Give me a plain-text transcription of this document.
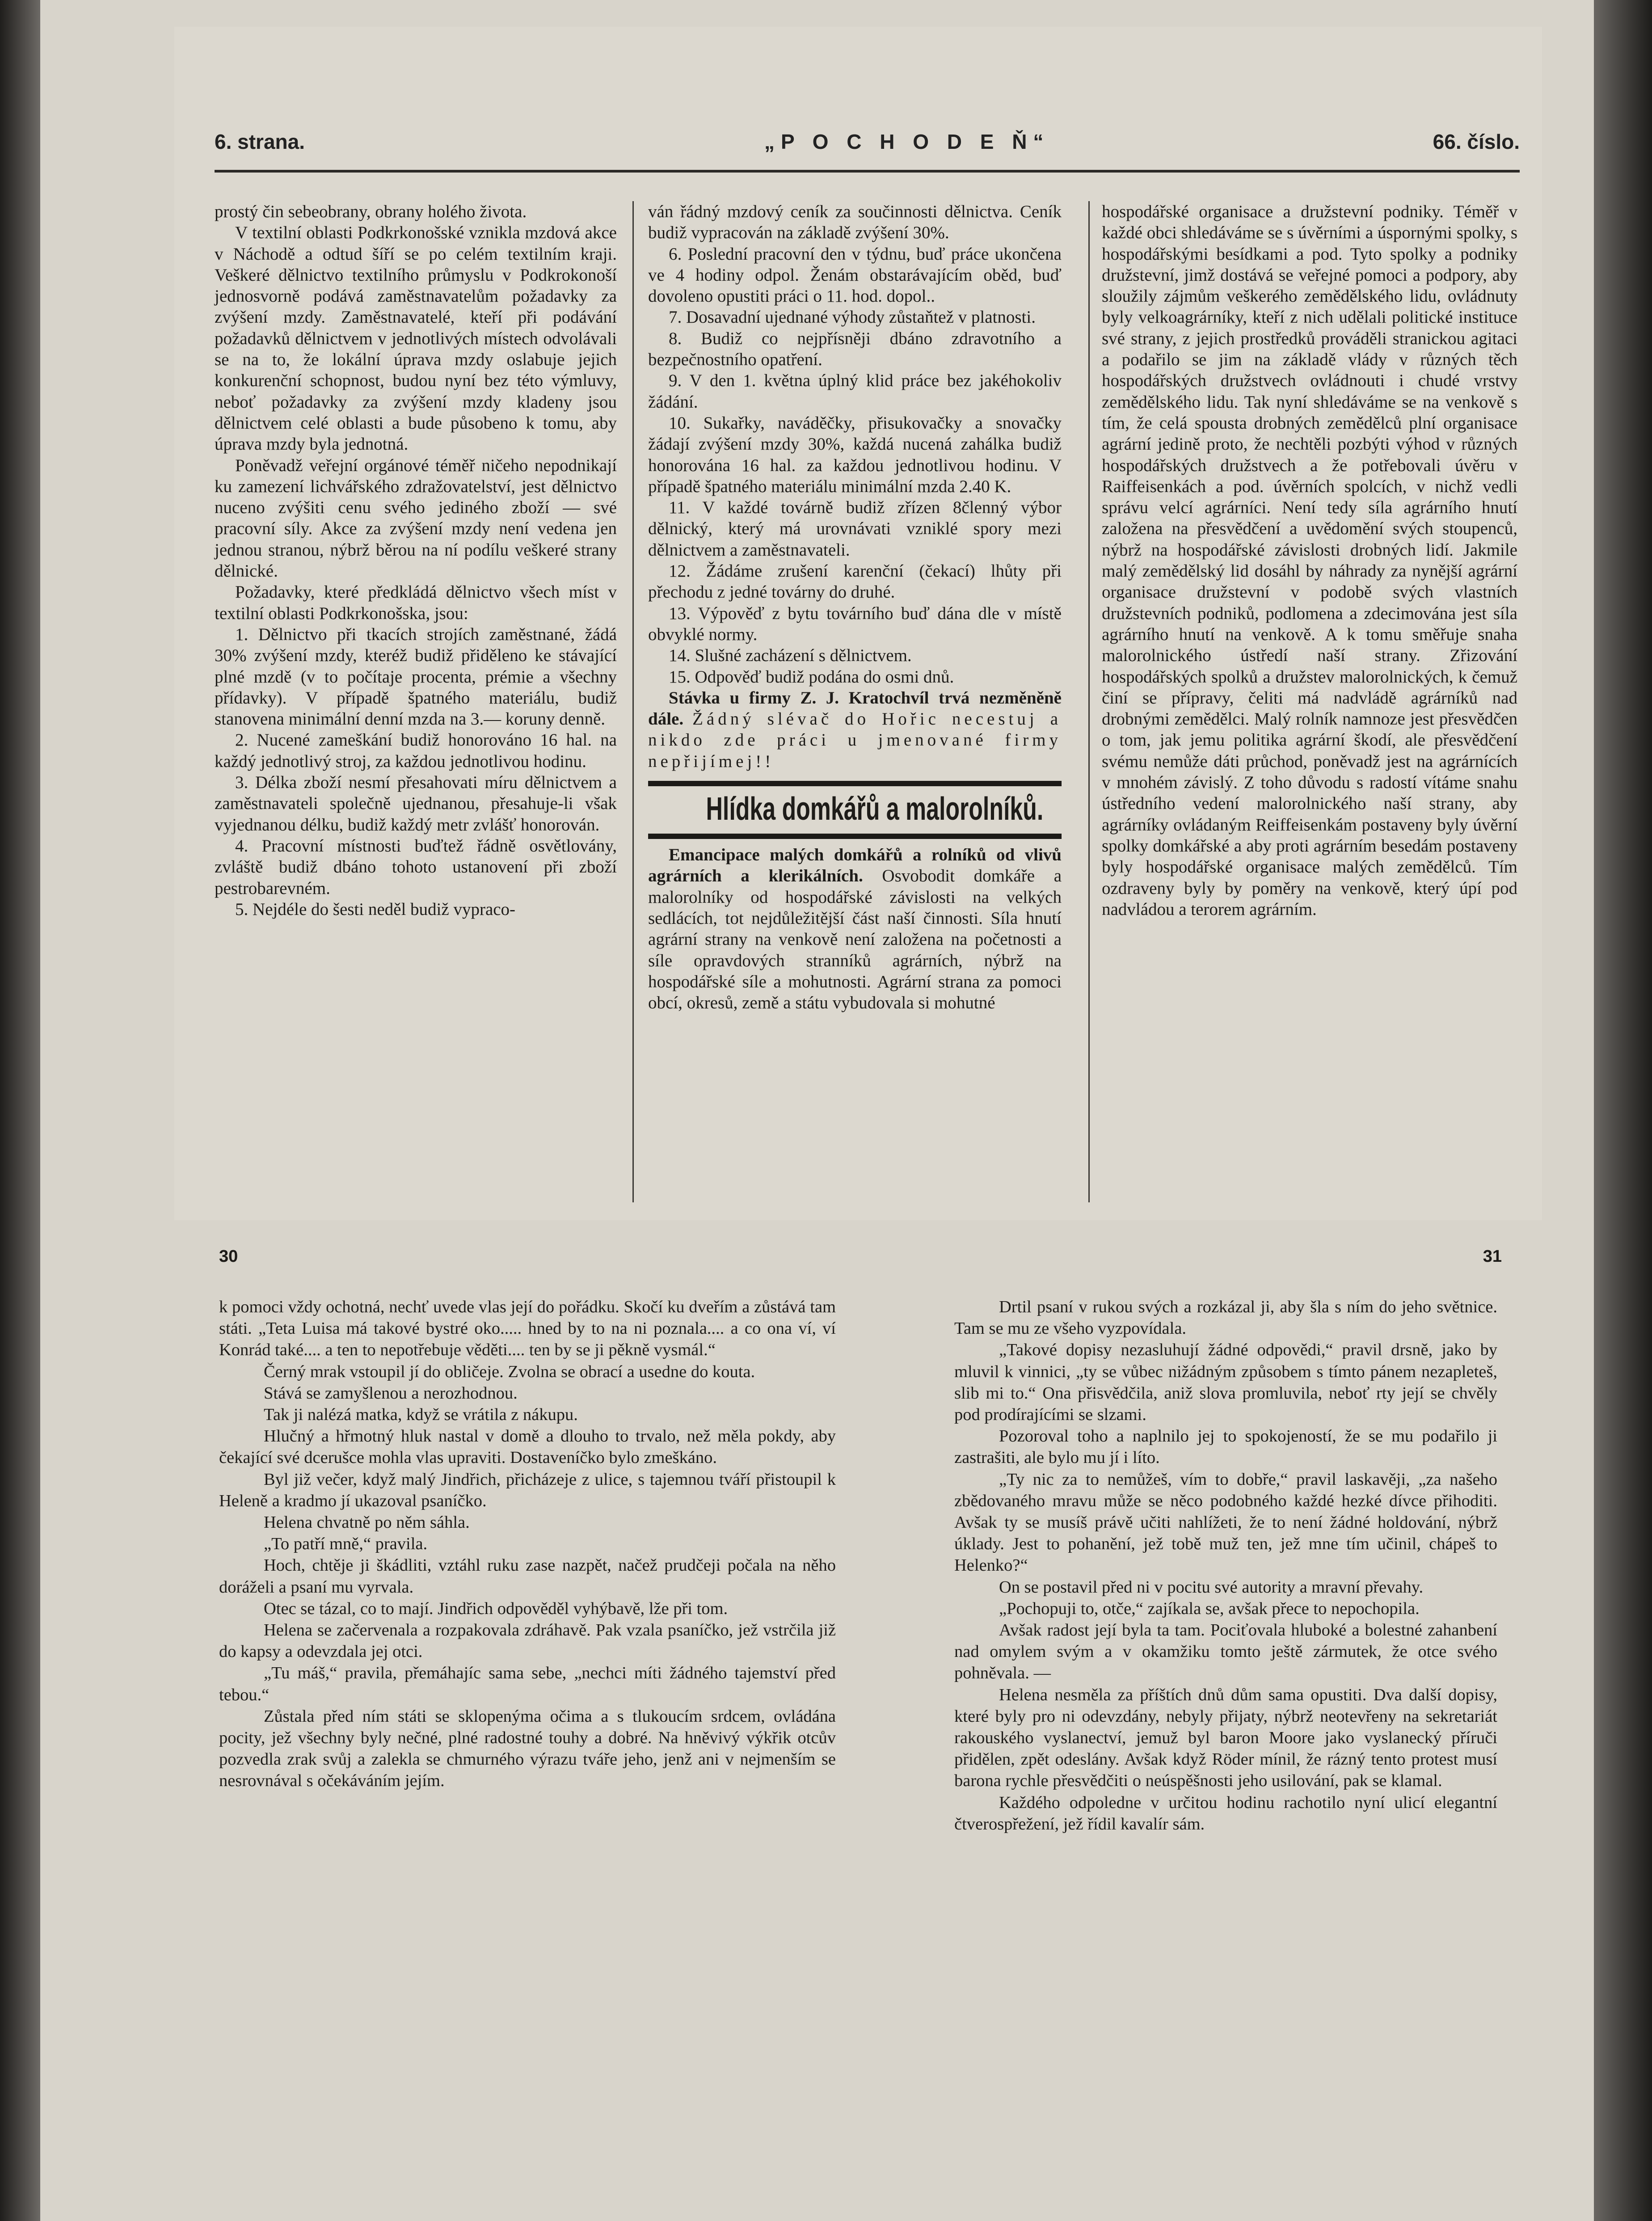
6. strana.	„P O C H O D E Ň“	66. číslo.

prostý čin sebeobrany, obrany holého života.

V textilní oblasti Podkrkonošské vznikla mzdová akce v Náchodě a odtud šíří se po celém textilním kraji. Veškeré dělnictvo textilního průmyslu v Podkrokonoší jednosvorně podává zaměstnavatelům požadavky za zvýšení mzdy. Zaměstnavatelé, kteří při podávání požadavků dělnictvem v jednotlivých místech odvolávali se na to, že lokální úprava mzdy oslabuje jejich konkurenční schopnost, budou nyní bez této výmluvy, neboť požadavky za zvýšení mzdy kladeny jsou dělnictvem celé oblasti a bude působeno k tomu, aby úprava mzdy byla jednotná.

Poněvadž veřejní orgánové téměř ničeho nepodnikají ku zamezení lichvářského zdražovatelství, jest dělnictvo nuceno zvýšiti cenu svého jediného zboží — své pracovní síly. Akce za zvýšení mzdy není vedena jen jednou stranou, nýbrž běrou na ní podílu veškeré strany dělnické.

Požadavky, které předkládá dělnictvo všech míst v textilní oblasti Podkrkonošska, jsou:

1. Dělnictvo při tkacích strojích zaměstnané, žádá 30% zvýšení mzdy, kteréž budiž přiděleno ke stávající plné mzdě (v to počítaje procenta, prémie a všechny přídavky). V případě špatného materiálu, budiž stanovena minimální denní mzda na 3.— koruny denně.

2. Nucené zameškání budiž honorováno 16 hal. na každý jednotlivý stroj, za každou jednotlivou hodinu.

3. Délka zboží nesmí přesahovati míru dělnictvem a zaměstnavateli společně ujednanou, přesahuje-li však vyjednanou délku, budiž každý metr zvlášť honorován.

4. Pracovní místnosti buďtež řádně osvětlovány, zvláště budiž dbáno tohoto ustanovení při zboží pestrobarevném.

5. Nejdéle do šesti neděl budiž vypraco-

ván řádný mzdový ceník za součinnosti dělnictva. Ceník budiž vypracován na základě zvýšení 30%.

6. Poslední pracovní den v týdnu, buď práce ukončena ve 4 hodiny odpol. Ženám obstarávajícím oběd, buď dovoleno opustiti práci o 11. hod. dopol..

7. Dosavadní ujednané výhody zůstaňtež v platnosti.

8. Budiž co nejpřísněji dbáno zdravotního a bezpečnostního opatření.

9. V den 1. května úplný klid práce bez jakéhokoliv žádání.

10. Sukařky, naváděčky, přisukovačky a snovačky žádají zvýšení mzdy 30%, každá nucená zahálka budiž honorována 16 hal. za každou jednotlivou hodinu. V případě špatného materiálu minimální mzda 2.40 K.

11. V každé továrně budiž zřízen 8členný výbor dělnický, který má urovnávati vzniklé spory mezi dělnictvem a zaměstnavateli.

12. Žádáme zrušení karenční (čekací) lhůty při přechodu z jedné továrny do druhé.

13. Výpověď z bytu továrního buď dána dle v místě obvyklé normy.

14. Slušné zacházení s dělnictvem.

15. Odpověď budiž podána do osmi dnů.

Stávka u firmy Z. J. Kratochvíl trvá nezměněně dále. Žádný slévač do Hořic necestuj a nikdo zde práci u jmenované firmy nepřijímej!!

Hlídka domkářů a malorolníků.

Emancipace malých domkářů a rolníků od vlivů agrárních a klerikálních. Osvobodit domkáře a malorolníky od hospodářské závislosti na velkých sedlácích, tot nejdůležitější část naší činnosti. Síla hnutí agrární strany na venkově není založena na početnosti a síle opravdových stranníků agrárních, nýbrž na hospodářské síle a mohutnosti. Agrární strana za pomoci obcí, okresů, země a státu vybudovala si mohutné

hospodářské organisace a družstevní podniky. Téměř v každé obci shledáváme se s úvěrními a úspornými spolky, s hospodářskými besídkami a pod. Tyto spolky a podniky družstevní, jimž dostává se veřejné pomoci a podpory, aby sloužily zájmům veškerého zemědělského lidu, ovládnuty byly velkoagrárníky, kteří z nich udělali politické instituce své strany, z jejich prostředků prováděli stranickou agitaci a podařilo se jim na základě vlády v různých těch hospodářských družstvech ovládnouti i chudé vrstvy zemědělského lidu. Tak nyní shledáváme se na venkově s tím, že celá spousta drobných zemědělců plní organisace agrární jedině proto, že nechtěli pozbýti výhod v různých hospodářských družstvech a že potřebovali úvěru v Raiffeisenkách a pod. úvěrních spolcích, v nichž vedli správu velcí agrárníci. Není tedy síla agrárního hnutí založena na přesvědčení a uvědomění svých stoupenců, nýbrž na hospodářské závislosti drobných lidí. Jakmile malý zemědělský lid dosáhl by náhrady za nynější agrární organisace družstevní v podobě svých vlastních družstevních podniků, podlomena a zdecimována jest síla agrárního hnutí na venkově. A k tomu směřuje snaha malorolnického ústředí naší strany. Zřizování hospodářských spolků a družstev malorolnických, k čemuž činí se přípravy, čeliti má nadvládě agrárníků nad drobnými zemědělci. Malý rolník namnoze jest přesvědčen o tom, jak jemu politika agrární škodí, ale přesvědčení svému nemůže dáti průchod, poněvadž jest na agrárnících v mnohém závislý. Z toho důvodu s radostí vítáme snahu ústředního vedení malorolnického naší strany, aby agrárníky ovládaným Reiffeisenkám postaveny byly úvěrní spolky domkářské a aby proti agrárním besedám postaveny byly hospodářské organisace malých zemědělců. Tím ozdraveny byly by poměry na venkově, který úpí pod nadvládou a terorem agrárním.

30	31

k pomoci vždy ochotná, nechť uvede vlas její do pořádku. Skočí ku dveřím a zůstává tam státi. „Teta Luisa má takové bystré oko..... hned by to na ni poznala.... a co ona ví, ví Konrád také.... a ten to nepotřebuje věděti.... ten by se ji pěkně vysmál.“

Černý mrak vstoupil jí do obličeje. Zvolna se obrací a usedne do kouta.

Stává se zamyšlenou a nerozhodnou.

Tak ji nalézá matka, když se vrátila z nákupu.

Hlučný a hřmotný hluk nastal v domě a dlouho to trvalo, než měla pokdy, aby čekající své dcerušce mohla vlas upraviti. Dostaveníčko bylo zmeškáno.

Byl již večer, když malý Jindřich, přicházeje z ulice, s tajemnou tváří přistoupil k Heleně a kradmo jí ukazoval psaníčko.

Helena chvatně po něm sáhla.

„To patří mně,“ pravila.

Hoch, chtěje ji škádliti, vztáhl ruku zase nazpět, načež prudčeji počala na něho doráželi a psaní mu vyrvala.

Otec se tázal, co to mají. Jindřich odpověděl vyhýbavě, lže při tom.

Helena se začervenala a rozpakovala zdráhavě. Pak vzala psaníčko, jež vstrčila již do kapsy a odevzdala jej otci.

„Tu máš,“ pravila, přemáhajíc sama sebe, „nechci míti žádného tajemství před tebou.“

Zůstala před ním státi se sklopenýma očima a s tlukoucím srdcem, ovládána pocity, jež všechny byly nečné, plné radostné touhy a dobré. Na hněvivý výkřik otcův pozvedla zrak svůj a zalekla se chmurného výrazu tváře jeho, jenž ani v nejmenším se nesrovnával s očekáváním jejím.

Drtil psaní v rukou svých a rozkázal ji, aby šla s ním do jeho světnice. Tam se mu ze všeho vyzpovídala.

„Takové dopisy nezasluhují žádné odpovědi,“ pravil drsně, jako by mluvil k vinnici, „ty se vůbec nižádným způsobem s tímto pánem nezapleteš, slib mi to.“ Ona přisvědčila, aniž slova promluvila, neboť rty její se chvěly pod prodírajícími se slzami.

Pozoroval toho a naplnilo jej to spokojeností, že se mu podařilo ji zastrašiti, ale bylo mu jí i líto.

„Ty nic za to nemůžeš, vím to dobře,“ pravil laskavěji, „za našeho zbědovaného mravu může se něco podobného každé hezké dívce přihoditi. Avšak ty se musíš právě učiti nahlížeti, že to není žádné holdování, nýbrž úklady. Jest to pohanění, jež tobě muž ten, jež mne tím učinil, chápeš to Helenko?“

On se postavil před ni v pocitu své autority a mravní převahy.

„Pochopuji to, otče,“ zajíkala se, avšak přece to nepochopila.

Avšak radost její byla ta tam. Pociťovala hluboké a bolestné zahanbení nad omylem svým a v okamžiku tomto ještě zármutek, že otce svého pohněvala. —

Helena nesměla za příštích dnů dům sama opustiti. Dva další dopisy, které byly pro ni odevzdány, nebyly přijaty, nýbrž neotevřeny na sekretariát rakouského vyslanectví, jemuž byl baron Moore jako vyslanecký příruči přidělen, zpět odeslány. Avšak když Röder mínil, že rázný tento protest musí barona rychle přesvědčiti o neúspěšnosti jeho usilování, pak se klamal.

Každého odpoledne v určitou hodinu rachotilo nyní ulicí elegantní čtverospřežení, jež řídil kavalír sám.
